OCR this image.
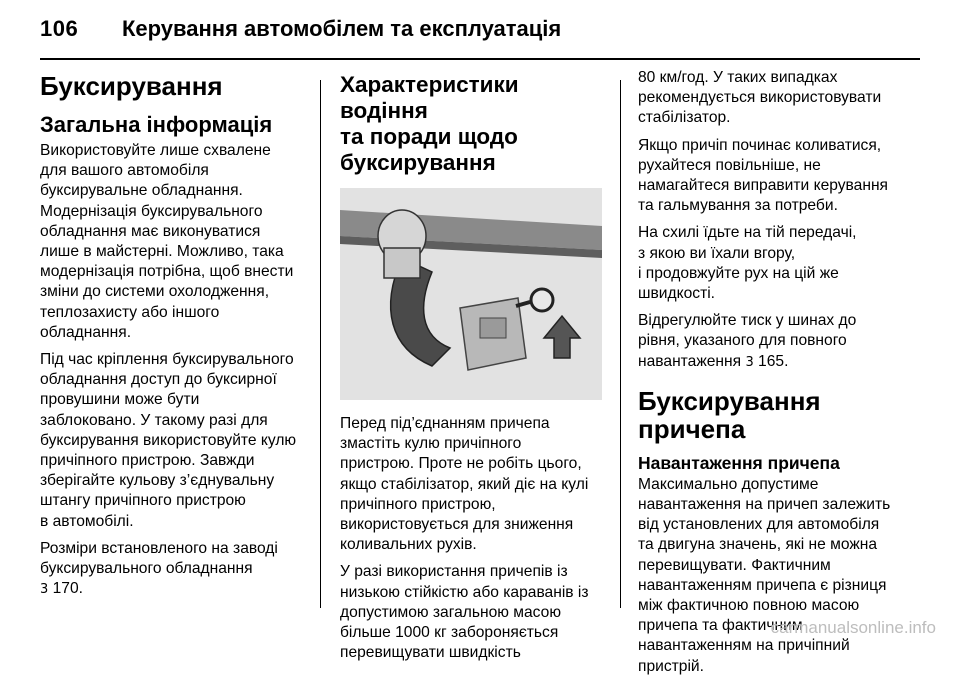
106 Керування автомобілем та експлуатація
Буксирування
Загальна інформація

Використовуйте лише схвалене
для вашого автомобіля
буксирувальне обладнання.
Модернізація буксирувального
обладнання має виконуватися
лише в майстерні. Можливо, така
модернізація потрібна, щоб внести
зміни до системи охолодження,
теплозахисту або іншого
обладнання.

Під час кріплення буксирувального
обладнання доступ до буксирної
провушини може бути
заблоковано. У такому разі для
буксирування використовуйте кулю
причіпного пристрою. Завжди
зберігайте кульову з’єднувальну
штангу причіпного пристрою
в автомобілі.

Розміри встановленого на заводі
буксирувального обладнання
3 170.

Характеристики водіння
та поради щодо
буксирування

Перед під’єднанням причепа
змастіть кулю причіпного
пристрою. Проте не робіть цього,
якщо стабілізатор, який діє на кулі
причіпного пристрою,
використовується для зниження
коливальних рухів.

У разі використання причепів із
низькою стійкістю або караванів із
допустимою загальною масою
більше 1000 кг забороняється
перевищувати швидкість

80 км/год. У таких випадках
рекомендується використовувати
стабілізатор.

Якщо причіп починає коливатися,
рухайтеся повільніше, не
намагайтеся виправити керування
та гальмування за потреби.

На схилі їдьте на тій передачі,
з якою ви їхали вгору,
і продовжуйте рух на цій же
швидкості.

Відрегулюйте тиск у шинах до
рівня, указаного для повного
навантаження 3 165.

Буксирування причепа
Навантаження причепа

Максимально допустиме
навантаження на причеп залежить
від установлених для автомобіля
та двигуна значень, які не можна
перевищувати. Фактичним
навантаженням причепа є різниця
між фактичною повною масою
причепа та фактичним
навантаженням на причіпний
пристрій.

carmanualsonline.info
